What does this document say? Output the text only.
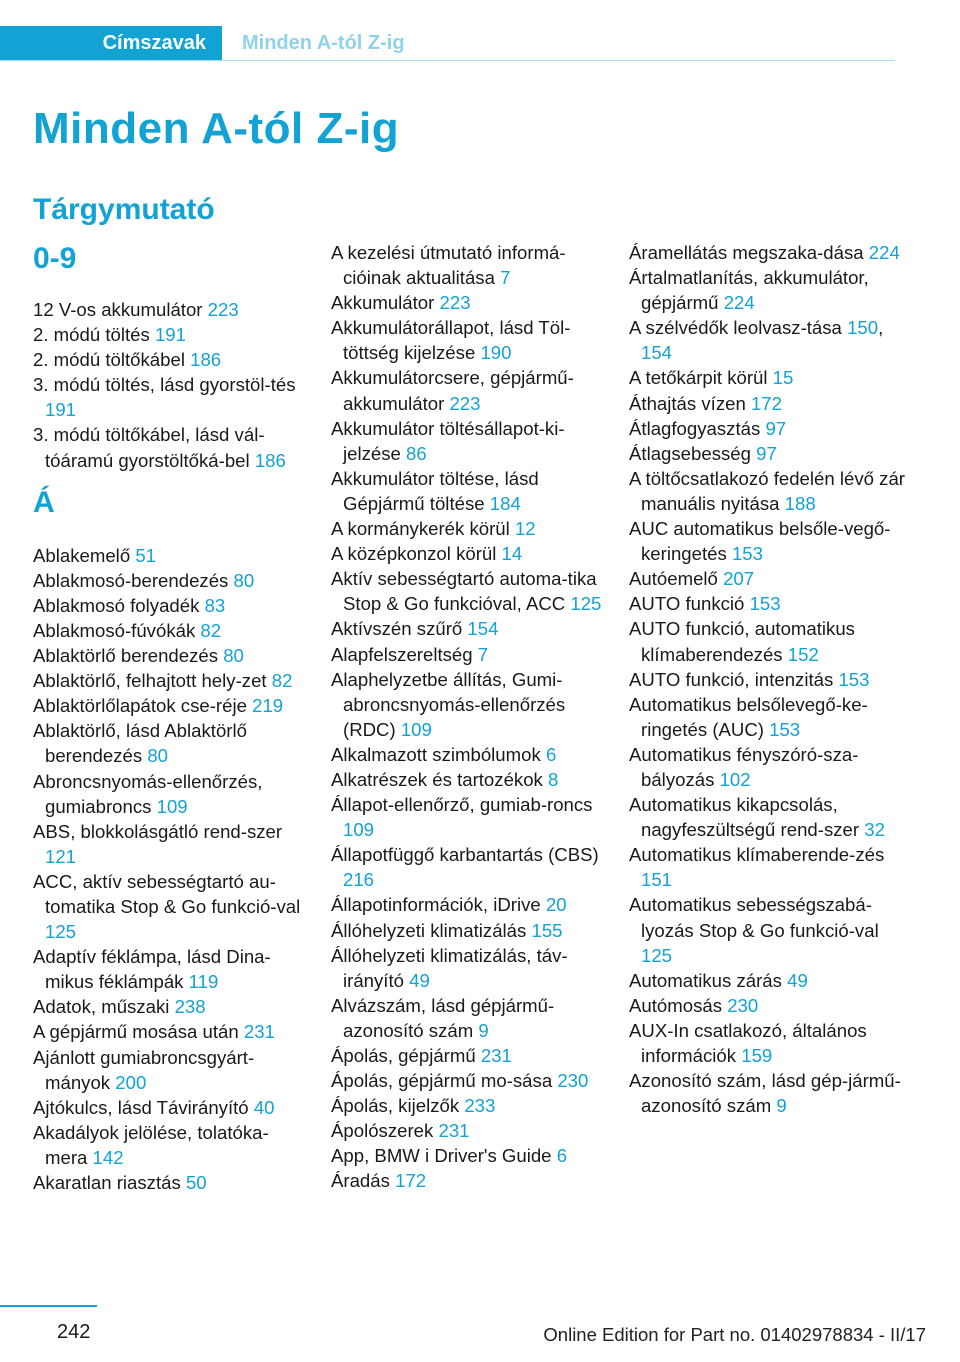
Címszavak	Minden A-tól Z-ig
Minden A-tól Z-ig
Tárgymutató
0-9

12 V-os akkumulátor 223

2. módú töltés 191

2. módú töltőkábel 186

3. módú töltés, lásd gyorstöl-tés 191

3. módú töltőkábel, lásd vál-tóáramú gyorstöltőká-bel 186

Á

Ablakemelő 51

Ablakmosó-berendezés 80

Ablakmosó folyadék 83

Ablakmosó-fúvókák 82

Ablaktörlő berendezés 80

Ablaktörlő, felhajtott hely-zet 82

Ablaktörlőlapátok cse-réje 219

Ablaktörlő, lásd Ablaktörlő berendezés 80

Abroncsnyomás-ellenőrzés, gumiabroncs 109

ABS, blokkolásgátló rend-szer 121

ACC, aktív sebességtartó au-tomatika Stop & Go funkció-val 125

Adaptív féklámpa, lásd Dina-mikus féklámpák 119

Adatok, műszaki 238

A gépjármű mosása után 231

Ajánlott gumiabroncsgyárt-mányok 200

Ajtókulcs, lásd Távirányító 40

Akadályok jelölése, tolatóka-mera 142

Akaratlan riasztás 50

A kezelési útmutató informá-cióinak aktualitása 7

Akkumulátor 223

Akkumulátorállapot, lásd Töl-töttség kijelzése 190

Akkumulátorcsere, gépjármű-akkumulátor 223

Akkumulátor töltésállapot-ki-jelzése 86

Akkumulátor töltése, lásd Gépjármű töltése 184

A kormánykerék körül 12

A középkonzol körül 14

Aktív sebességtartó automa-tika Stop & Go funkcióval, ACC 125

Aktívszén szűrő 154

Alapfelszereltség 7

Alaphelyzetbe állítás, Gumi-abroncsnyomás-ellenőrzés (RDC) 109

Alkalmazott szimbólumok 6

Alkatrészek és tartozékok 8

Állapot-ellenőrző, gumiab-roncs 109

Állapotfüggő karbantartás (CBS) 216

Állapotinformációk, iDrive 20

Állóhelyzeti klimatizálás 155

Állóhelyzeti klimatizálás, táv-irányító 49

Alvázszám, lásd gépjármű-azonosító szám 9

Ápolás, gépjármű 231

Ápolás, gépjármű mo-sása 230

Ápolás, kijelzők 233

Ápolószerek 231

App, BMW i Driver's Guide 6

Áradás 172

Áramellátás megszaka-dása 224

Ártalmatlanítás, akkumulátor, gépjármű 224

A szélvédők leolvasz-tása 150, 154

A tetőkárpit körül 15

Áthajtás vízen 172

Átlagfogyasztás 97

Átlagsebesség 97

A töltőcsatlakozó fedelén lévő zár manuális nyitása 188

AUC automatikus belsőle-vegő-keringetés 153

Autóemelő 207

AUTO funkció 153

AUTO funkció, automatikus klímaberendezés 152

AUTO funkció, intenzitás 153

Automatikus belsőlevegő-ke-ringetés (AUC) 153

Automatikus fényszóró-sza-bályozás 102

Automatikus kikapcsolás, nagyfeszültségű rend-szer 32

Automatikus klímaberende-zés 151

Automatikus sebességszabá-lyozás Stop & Go funkció-val 125

Automatikus zárás 49

Autómosás 230

AUX-In csatlakozó, általános információk 159

Azonosító szám, lásd gép-jármű-azonosító szám 9

242	Online Edition for Part no. 01402978834 - II/17
